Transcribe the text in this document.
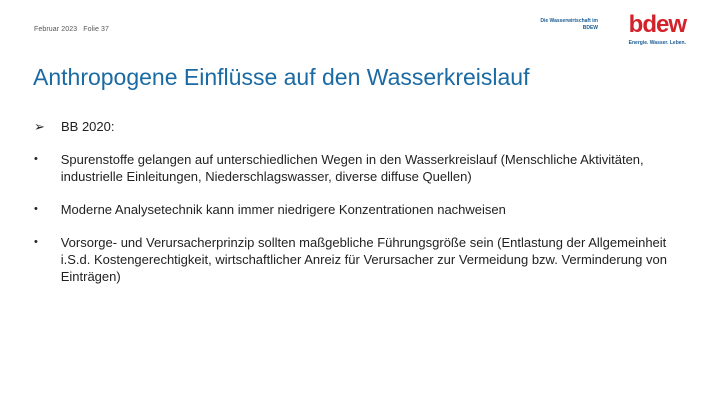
Februar 2023 Folie 37
Die Wasserwirtschaft im BDEW bdew
Energie. Wasser. Leben.
Anthropogene Einflüsse auf den Wasserkreislauf
➢	BB 2020:
•	Spurenstoffe gelangen auf unterschiedlichen Wegen in den Wasserkreislauf (Menschliche Aktivitäten, industrielle Einleitungen, Niederschlagswasser, diverse diffuse Quellen)
•	Moderne Analysetechnik kann immer niedrigere Konzentrationen nachweisen
•	Vorsorge- und Verursacherprinzip sollten maßgebliche Führungsgröße sein (Entlastung der Allgemeinheit i.S.d. Kostengerechtigkeit, wirtschaftlicher Anreiz für Verursacher zur Vermeidung bzw. Verminderung von Einträgen)
